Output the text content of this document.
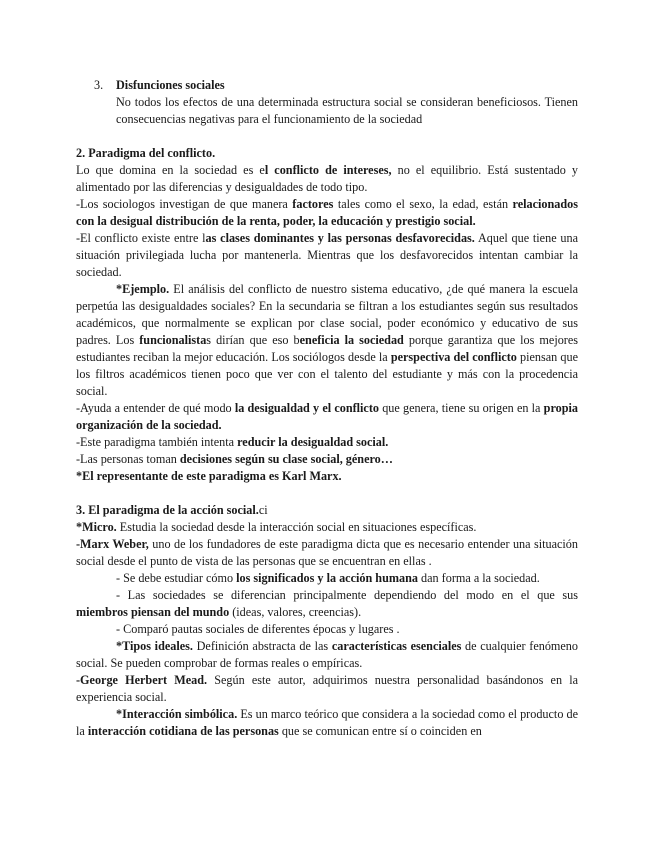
3.	Disfunciones sociales

No todos los efectos de una determinada estructura social se consideran beneficiosos. Tienen consecuencias negativas para el funcionamiento de la sociedad

2. Paradigma del conflicto.

Lo que domina en la sociedad es el conflicto de intereses, no el equilibrio. Está sustentado y alimentado por las diferencias y desigualdades de todo tipo.

-Los sociologos investigan de que manera factores tales como el sexo, la edad, están relacionados con la desigual distribución de la renta, poder, la educación y prestigio social.

-El conflicto existe entre las clases dominantes y las personas desfavorecidas. Aquel que tiene una situación privilegiada lucha por mantenerla. Mientras que los desfavorecidos intentan cambiar la sociedad.

*Ejemplo. El análisis del conflicto de nuestro sistema educativo, ¿de qué manera la escuela perpetúa las desigualdades sociales? En la secundaria se filtran a los estudiantes según sus resultados académicos, que normalmente se explican por clase social, poder económico y educativo de sus padres. Los funcionalistas dirían que eso beneficia la sociedad porque garantiza que los mejores estudiantes reciban la mejor educación. Los sociólogos desde la perspectiva del conflicto piensan que los filtros académicos tienen poco que ver con el talento del estudiante y más con la procedencia social.

-Ayuda a entender de qué modo la desigualdad y el conflicto que genera, tiene su origen en la propia organización de la sociedad.

-Este paradigma también intenta reducir la desigualdad social.

-Las personas toman decisiones según su clase social, género…

*El representante de este paradigma es Karl Marx.

3. El paradigma de la acción social.ci

*Micro. Estudia la sociedad desde la interacción social en situaciones específicas.

-Marx Weber, uno de los fundadores de este paradigma dicta que es necesario entender una situación social desde el punto de vista de las personas que se encuentran en ellas .

- Se debe estudiar cómo los significados y la acción humana dan forma a la sociedad.

- Las sociedades se diferencian principalmente dependiendo del modo en el que sus miembros piensan del mundo (ideas, valores, creencias).

- Comparó pautas sociales de diferentes épocas y lugares .

*Tipos ideales. Definición abstracta de las características esenciales de cualquier fenómeno social. Se pueden comprobar de formas reales o empíricas.

-George Herbert Mead. Según este autor, adquirimos nuestra personalidad basándonos en la experiencia social.

*Interacción simbólica. Es un marco teórico que considera a la sociedad como el producto de la interacción cotidiana de las personas que se comunican entre sí o coinciden en
